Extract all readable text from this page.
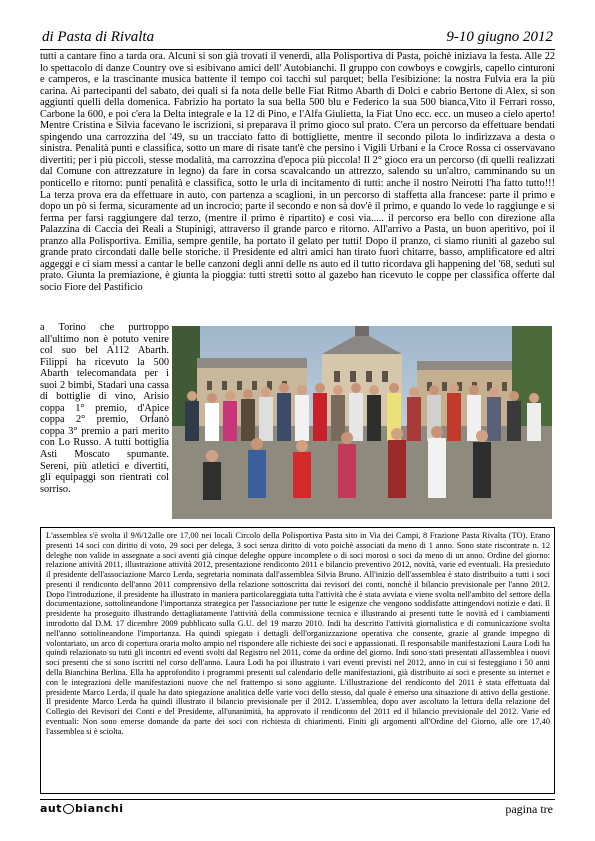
di Pasta di Rivalta	9-10 giugno 2012

tutti a cantare fino a tarda ora. Alcuni si son già trovati il venerdì, alla Polisportiva di Pasta, poichè iniziava la festa. Alle 22 lo spettacolo di danze Country ove si esibivano amici dell' Autobianchi. Il gruppo con cowboys e cowgirls, capello cinturoni e camperos, e la trascinante musica battente il tempo coi tacchi sul parquet; bella l'esibizione: la nostra Fulvia era la più carina. Ai partecipanti del sabato, dei quali si fa nota delle belle Fiat Ritmo Abarth di Dolci e cabrio Bertone di Alex, si son aggiunti quelli della domenica. Fabrizio ha portato la sua bella 500 blu e Federico la sua 500 bianca,Vito il Ferrari rosso, Carbone la 600, e poi c'era la Delta integrale e la 12 di Pino, e l'Alfa Giulietta, la Fiat Uno ecc. ecc. un museo a cielo aperto! Mentre Cristina e Silvia facevano le iscrizioni, si preparava il primo gioco sul prato. C'era un percorso da effettuare bendati spingendo una carrozzina del '49, su un tracciato fatto di bottigliette, mentre il secondo pilota lo indirizzava a desta o sinistra. Penalità punti e classifica, sotto un mare di risate tant'è che persino i Vigili Urbani e la Croce Rossa ci osservavano divertiti; per i più piccoli, stesse modalità, ma carrozzina d'epoca più piccola! Il 2° gioco era un percorso (di quelli realizzati dal Comune con attrezzature in legno) da fare in corsa scavalcando un attrezzo, salendo su un'altro, camminando su un ponticello e ritorno: punti penalità e classifica, sotto le urla di incitamento di tutti: anche il nostro Neirotti l'ha fatto tutto!!! La terza prova era da effettuare in auto, con partenza a scaglioni, in un percorso di staffetta alla francese: parte il primo e dopo un pò si ferma, sicuramente ad un incrocio; parte il secondo e non sà dov'è il primo, e quando lo vede lo raggiunge e si ferma per farsi raggiungere dal terzo, (mentre il primo è ripartito) e così via..... il percorso era bello con direzione alla Palazzina di Caccia dei Reali a Stupinigi, attraverso il grande parco e ritorno. All'arrivo a Pasta, un buon aperitivo, poi il pranzo alla Polisportiva. Emilia, sempre gentile, ha portato il gelato per tutti! Dopo il pranzo, ci siamo riuniti al gazebo sul grande prato circondati dalle belle storiche. il Presidente ed altri amici han tirato fuori chitarre, basso, amplificatore ed altri aggeggi e ci siam messi a cantar le belle canzoni degli anni delle ns auto ed il tutto ricordava gli happening del '68, seduti sul prato. Giunta la premiazione, è giunta la pioggia: tutti stretti sotto al gazebo han ricevuto le coppe per classifica offerte dal socio Fiore del Pastificio

a Torino che purtroppo all'ultimo non è potuto venire col suo bel A112 Abarth. Filippi ha ricevuto la 500 Abarth telecomandata per i suoi 2 bimbi, Stadari una cassa di bottiglie di vino, Arisio coppa 1° premio, d'Apice coppa 2° premio, Orfanò coppa 3° premio a pari merito con Lo Russo. A tutti bottiglia Asti Moscato spumante. Sereni, più atletici e divertiti, gli equipaggi son rientrati col sorriso.

L'assemblea s'è svolta il 9/6/12alle ore 17,00 nei locali Circolo della Polisportiva Pasta sito in Via dei Campi, 8 Frazione Pasta Rivalta (TO). Erano presenti 14 soci con diritto di voto, 29 soci per delega, 3 soci senza diritto di voto poichè associati da meno di 1 anno. Sono state riscontrate n. 12 deleghe non valide in assegnate a soci aventi già cinque deleghe oppure incomplete o di soci morosi o soci da meno di un anno. Ordine del giorno: relazione attività 2011, illustrazione attività 2012, presentazione rendiconto 2011 e bilancio preventivo 2012, novità, varie ed eventuali. Ha presieduto il presidente dell'associazione Marco Lerda, segretaria nominata dall'assemblea Silvia Bruno. All'inizio dell'assemblea è stato distribuito a tutti i soci presenti il rendiconto dell'anno 2011 comprensivo della relazione sottoscritta dai revisori dei conti, nonchè il bilancio previsionale per l'anno 2012. Dopo l'introduzione, il presidente ha illustrato in maniera particolareggiata tutta l'attività che è stata avviata e viene svolta nell'ambito del settore della documentazione, sottolineandone l'importanza strategica per l'associazione per tutte le esigenze che vengono soddisfatte attingendovi notizie e dati. Il presidente ha proseguito illustrando dettagliatamente l'attività della commissione tecnica e illustrando ai presenti tutte le novità ed i cambiamenti introdotto dal D.M. 17 dicembre 2009 pubblicato sulla G.U. del 19 marzo 2010. Indi ha descritto l'attività giornalistica e di comunicazione svolta nell'anno sottolineandone l'importanza. Ha quindi spiegato i dettagli dell'organizzazione operativa che consente, grazie al grande impegno di volontariato, un arco di copertura oraria molto ampio nel rispondere alle richieste dei soci e appassionati. Il responsabile manifestazioni Laura Lodi ha quindi relazionato su tutti gli incontri ed eventi svolti dal Registro nel 2011, come da ordine del giorno. Indi sono stati presentati all'assemblea i nuovi soci presenti che si sono iscritti nel corso dell'anno. Laura Lodi ha poi illustrato i vari eventi previsti nel 2012, anno in cui si festeggiano i 50 anni della Bianchina Berlina. Ella ha approfondito i programmi presenti sul calendario delle manifestazioni, già distribuito ai soci e presente su internet e con le integrazioni delle manifestazioni nuove che nel frattempo si sono aggiunte. L'illustrazione del rendiconto del 2011 è stata effettuata dal presidente Marco Lerda, il quale ha dato spiegazione analitica delle varie voci dello stesso, dal quale è emerso una situazione di attivo della gestione. Il presidente Marco Lerda ha quindi illustrato il bilancio previsionale per il 2012. L'assemblea, dopo aver ascoltato la lettura della relazione del Collegio dei Revisori dei Conti e del Presidente, all'unanimità, ha approvato il rendiconto del 2011 ed il bilancio previsionale del 2012. Varie ed eventuali: Non sono emerse domande da parte dei soci con richiesta di chiarimenti. Finiti gli argomenti all'Ordine del Giorno, alle ore 17,40 l'assemblea si è sciolta.

aut bianchi	pagina tre
